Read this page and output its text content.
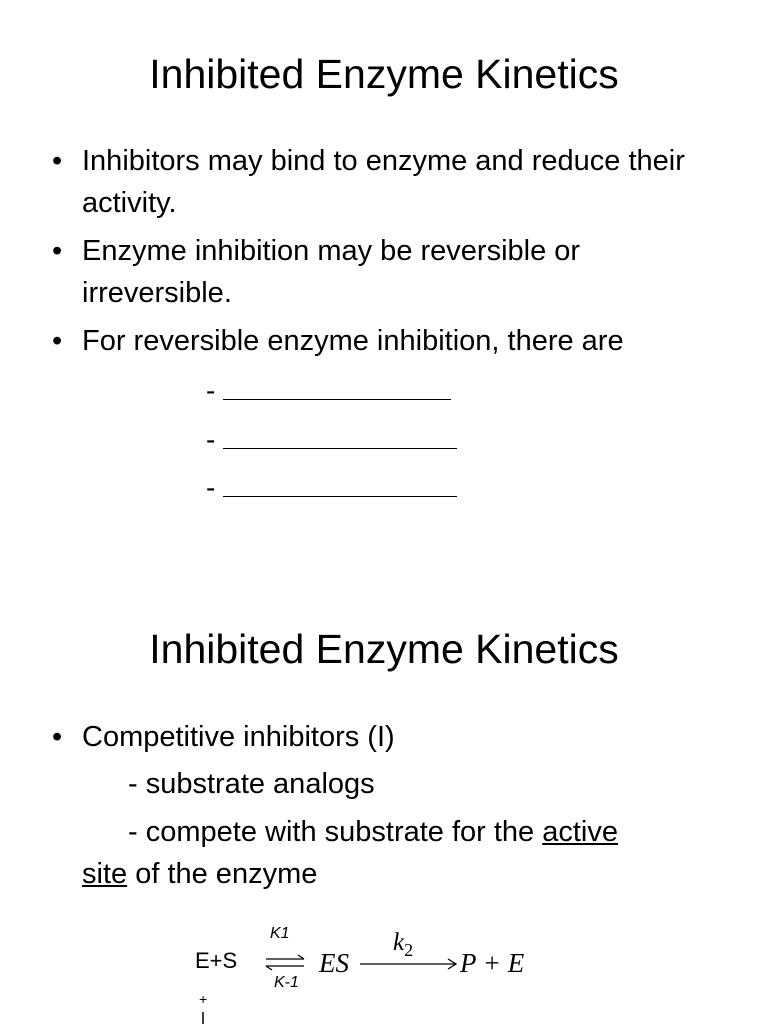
Inhibited Enzyme Kinetics
• Inhibitors may bind to enzyme and reduce their activity.
• Enzyme inhibition may be reversible or irreversible.
• For reversible enzyme inhibition, there are
-
-
-
Inhibited Enzyme Kinetics
• Competitive inhibitors (I)
- substrate analogs
- compete with substrate for the active
site of the enzyme
E+S
K1
K-1
ES
$k_2$ P + E
+
